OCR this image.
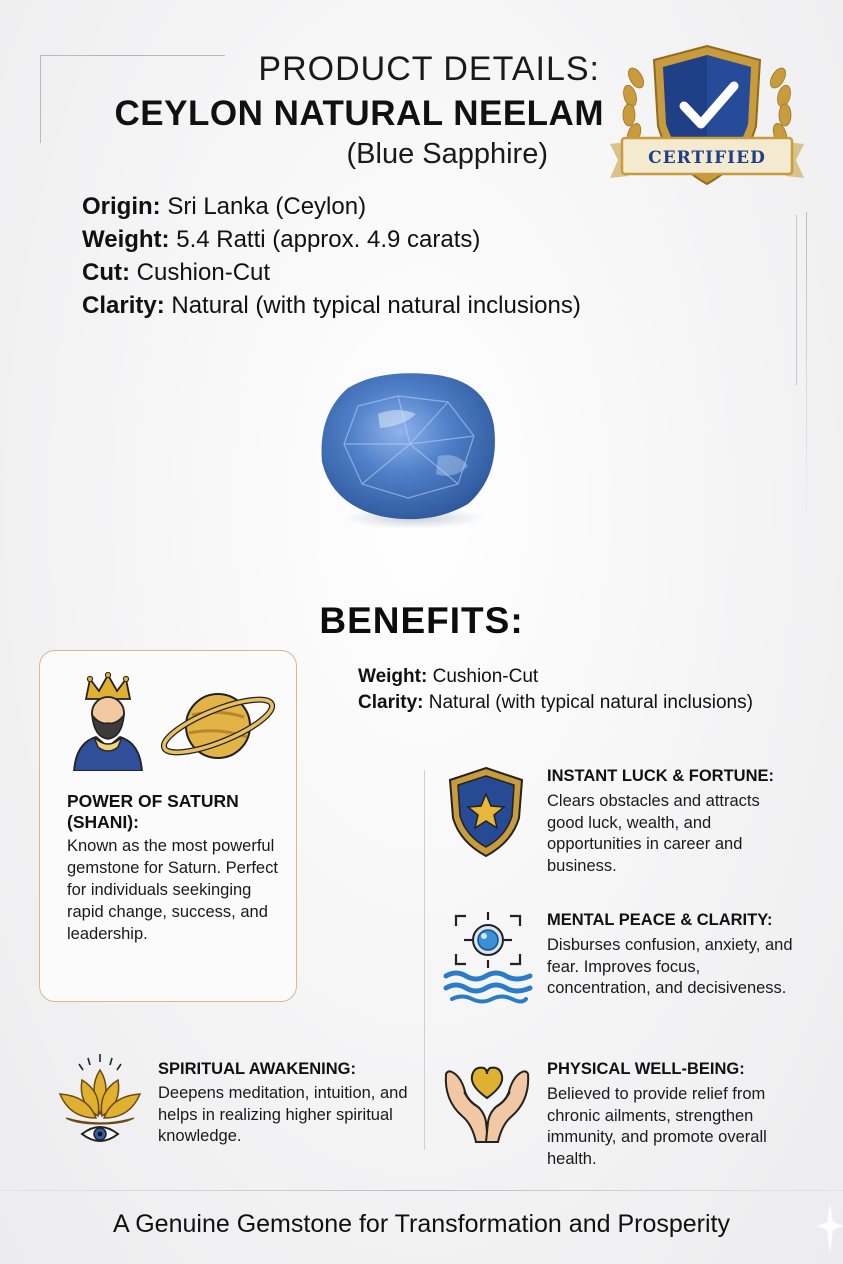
PRODUCT DETAILS:
CEYLON NATURAL NEELAM
(Blue Sapphire)	CERTIFIED
Origin: Sri Lanka (Ceylon)
Weight: 5.4 Ratti (approx. 4.9 carats)
Cut: Cushion-Cut
Clarity: Natural (with typical natural inclusions)
BENEFITS:
Weight: Cushion-Cut
Clarity: Natural (with typical natural inclusions)
POWER OF SATURN (SHANI):
Known as the most powerful gemstone for Saturn. Perfect for individuals seekinging rapid change, success, and leadership.
INSTANT LUCK & FORTUNE:
Clears obstacles and attracts good luck, wealth, and opportunities in career and business.
MENTAL PEACE & CLARITY:
Disburses confusion, anxiety, and fear. Improves focus, concentration, and decisiveness.
SPIRITUAL AWAKENING:
Deepens meditation, intuition, and helps in realizing higher spiritual knowledge.
PHYSICAL WELL-BEING:
Believed to provide relief from chronic ailments, strengthen immunity, and promote overall health.
A Genuine Gemstone for Transformation and Prosperity
